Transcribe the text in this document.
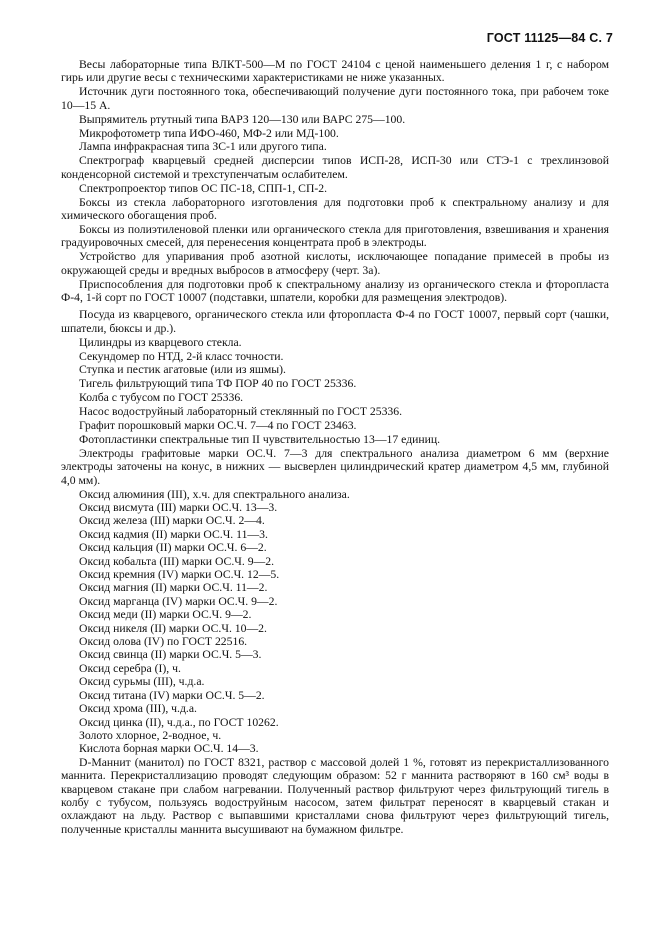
ГОСТ 11125—84 С. 7

Весы лабораторные типа ВЛКТ-500—М по ГОСТ 24104 с ценой наименьшего деления 1 г, с набором гирь или другие весы с техническими характеристиками не ниже указанных.

Источник дуги постоянного тока, обеспечивающий получение дуги постоянного тока, при рабочем токе 10—15 А.

Выпрямитель ртутный типа ВАРЗ 120—130 или ВАРС 275—100.

Микрофотометр типа ИФО-460, МФ-2 или МД-100.

Лампа инфракрасная типа ЗС-1 или другого типа.

Спектрограф кварцевый средней дисперсии типов ИСП-28, ИСП-30 или СТЭ-1 с трехлинзовой конденсорной системой и трехступенчатым ослабителем.

Спектропроектор типов ОС ПС-18, СПП-1, СП-2.

Боксы из стекла лабораторного изготовления для подготовки проб к спектральному анализу и для химического обогащения проб.

Боксы из полиэтиленовой пленки или органического стекла для приготовления, взвешивания и хранения градуировочных смесей, для перенесения концентрата проб в электроды.

Устройство для упаривания проб азотной кислоты, исключающее попадание примесей в пробы из окружающей среды и вредных выбросов в атмосферу (черт. 3а).

Приспособления для подготовки проб к спектральному анализу из органического стекла и фторопласта Ф-4, 1-й сорт по ГОСТ 10007 (подставки, шпатели, коробки для размещения электродов).

Посуда из кварцевого, органического стекла или фторопласта Ф-4 по ГОСТ 10007, первый сорт (чашки, шпатели, бюксы и др.).

Цилиндры из кварцевого стекла.

Секундомер по НТД, 2-й класс точности.

Ступка и пестик агатовые (или из яшмы).

Тигель фильтрующий типа ТФ ПОР 40 по ГОСТ 25336.

Колба с тубусом по ГОСТ 25336.

Насос водоструйный лабораторный стеклянный по ГОСТ 25336.

Графит порошковый марки ОС.Ч. 7—4 по ГОСТ 23463.

Фотопластинки спектральные тип II чувствительностью 13—17 единиц.

Электроды графитовые марки ОС.Ч. 7—3 для спектрального анализа диаметром 6 мм (верхние электроды заточены на конус, в нижних — высверлен цилиндрический кратер диаметром 4,5 мм, глубиной 4,0 мм).

Оксид алюминия (III), х.ч. для спектрального анализа.

Оксид висмута (III) марки ОС.Ч. 13—3.

Оксид железа (III) марки ОС.Ч. 2—4.

Оксид кадмия (II) марки ОС.Ч. 11—3.

Оксид кальция (II) марки ОС.Ч. 6—2.

Оксид кобальта (III) марки ОС.Ч. 9—2.

Оксид кремния (IV) марки ОС.Ч. 12—5.

Оксид магния (II) марки ОС.Ч. 11—2.

Оксид марганца (IV) марки ОС.Ч. 9—2.

Оксид меди (II) марки ОС.Ч. 9—2.

Оксид никеля (II) марки ОС.Ч. 10—2.

Оксид олова (IV) по ГОСТ 22516.

Оксид свинца (II) марки ОС.Ч. 5—3.

Оксид серебра (I), ч.

Оксид сурьмы (III), ч.д.а.

Оксид титана (IV) марки ОС.Ч. 5—2.

Оксид хрома (III), ч.д.а.

Оксид цинка (II), ч.д.а., по ГОСТ 10262.

Золото хлорное, 2-водное, ч.

Кислота борная марки ОС.Ч. 14—3.

D-Маннит (манитол) по ГОСТ 8321, раствор с массовой долей 1 %, готовят из перекристаллизованного маннита. Перекристаллизацию проводят следующим образом: 52 г маннита растворяют в 160 см³ воды в кварцевом стакане при слабом нагревании. Полученный раствор фильтруют через фильтрующий тигель в колбу с тубусом, пользуясь водоструйным насосом, затем фильтрат переносят в кварцевый стакан и охлаждают на льду. Раствор с выпавшими кристаллами снова фильтруют через фильтрующий тигель, полученные кристаллы маннита высушивают на бумажном фильтре.
